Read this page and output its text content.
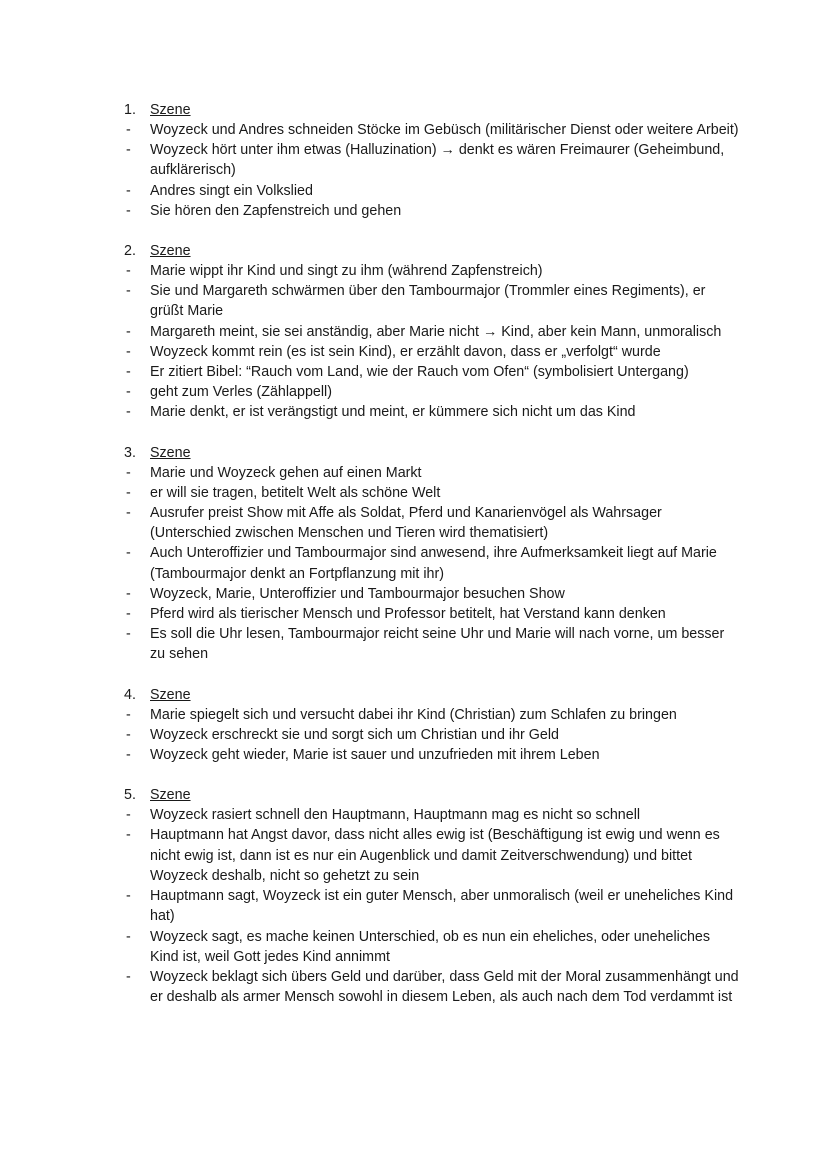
1. Szene
- Woyzeck und Andres schneiden Stöcke im Gebüsch (militärischer Dienst oder weitere Arbeit)
- Woyzeck hört unter ihm etwas (Halluzination) → denkt es wären Freimaurer (Geheimbund, aufklärerisch)
- Andres singt ein Volkslied
- Sie hören den Zapfenstreich und gehen
2. Szene
- Marie wippt ihr Kind und singt zu ihm (während Zapfenstreich)
- Sie und Margareth schwärmen über den Tambourmajor (Trommler eines Regiments), er grüßt Marie
- Margareth meint, sie sei anständig, aber Marie nicht → Kind, aber kein Mann, unmoralisch
- Woyzeck kommt rein (es ist sein Kind), er erzählt davon, dass er „verfolgt“ wurde
- Er zitiert Bibel: “Rauch vom Land, wie der Rauch vom Ofen“ (symbolisiert Untergang)
- geht zum Verles (Zählappell)
- Marie denkt, er ist verängstigt und meint, er kümmere sich nicht um das Kind
3. Szene
- Marie und Woyzeck gehen auf einen Markt
- er will sie tragen, betitelt Welt als schöne Welt
- Ausrufer preist Show mit Affe als Soldat, Pferd und Kanarienvögel als Wahrsager (Unterschied zwischen Menschen und Tieren wird thematisiert)
- Auch Unteroffizier und Tambourmajor sind anwesend, ihre Aufmerksamkeit liegt auf Marie (Tambourmajor denkt an Fortpflanzung mit ihr)
- Woyzeck, Marie, Unteroffizier und Tambourmajor besuchen Show
- Pferd wird als tierischer Mensch und Professor betitelt, hat Verstand kann denken
- Es soll die Uhr lesen, Tambourmajor reicht seine Uhr und Marie will nach vorne, um besser zu sehen
4. Szene
- Marie spiegelt sich und versucht dabei ihr Kind (Christian) zum Schlafen zu bringen
- Woyzeck erschreckt sie und sorgt sich um Christian und ihr Geld
- Woyzeck geht wieder, Marie ist sauer und unzufrieden mit ihrem Leben
5. Szene
- Woyzeck rasiert schnell den Hauptmann, Hauptmann mag es nicht so schnell
- Hauptmann hat Angst davor, dass nicht alles ewig ist (Beschäftigung ist ewig und wenn es nicht ewig ist, dann ist es nur ein Augenblick und damit Zeitverschwendung) und bittet Woyzeck deshalb, nicht so gehetzt zu sein
- Hauptmann sagt, Woyzeck ist ein guter Mensch, aber unmoralisch (weil er uneheliches Kind hat)
- Woyzeck sagt, es mache keinen Unterschied, ob es nun ein eheliches, oder uneheliches Kind ist, weil Gott jedes Kind annimmt
- Woyzeck beklagt sich übers Geld und darüber, dass Geld mit der Moral zusammenhängt und er deshalb als armer Mensch sowohl in diesem Leben, als auch nach dem Tod verdammt ist
